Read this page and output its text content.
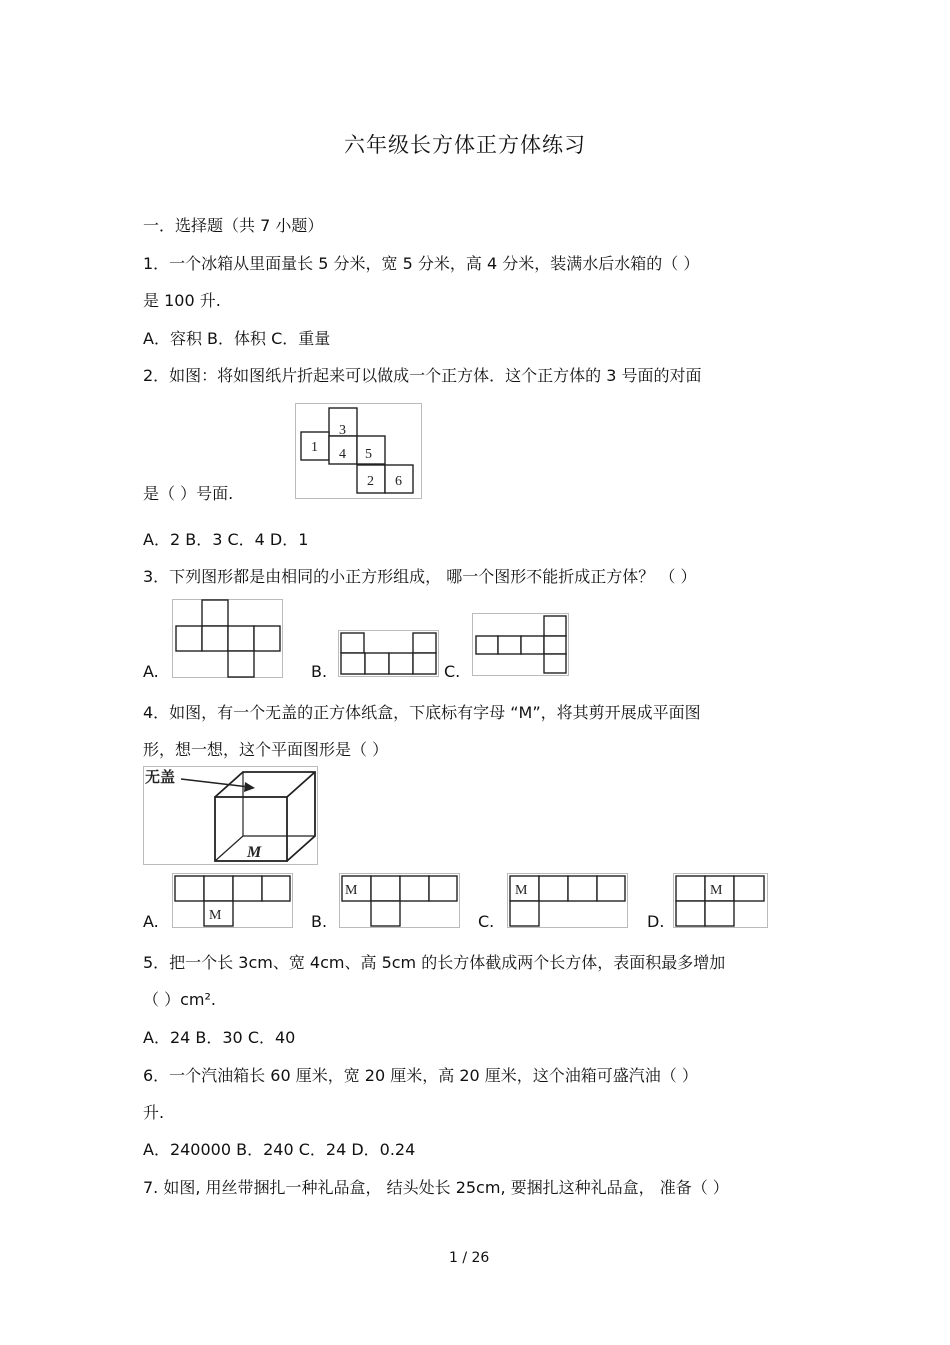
六年级长方体正方体练习
一．选择题（共 7 小题）
1．一个冰箱从里面量长 5 分米，宽 5 分米，高 4 分米，装满水后水箱的（ ）
是 100 升.
A．容积 B．体积 C．重量
2．如图：将如图纸片折起来可以做成一个正方体．这个正方体的 3 号面的对面
1
3
4 5
2 6
是（ ）号面.
A．2 B．3 C．4 D．1
3．下列图形都是由相同的小正方形组成， 哪一个图形不能折成正方体？ （ ）
A.	B.	C.
4．如图，有一个无盖的正方体纸盒，下底标有字母 “M”，将其剪开展成平面图
形，想一想，这个平面图形是（ ）
无盖
M
A.	M	B.
M
C.
M
D.
M
5．把一个长 3cm、宽 4cm、高 5cm 的长方体截成两个长方体，表面积最多增加
（ ）cm².
A．24 B．30 C．40
6．一个汽油箱长 60 厘米，宽 20 厘米，高 20 厘米，这个油箱可盛汽油（ ）
升.
A．240000 B．240 C．24 D．0.24
7. 如图, 用丝带捆扎一种礼品盒， 结头处长 25cm, 要捆扎这种礼品盒， 准备（ ）
1 / 26
